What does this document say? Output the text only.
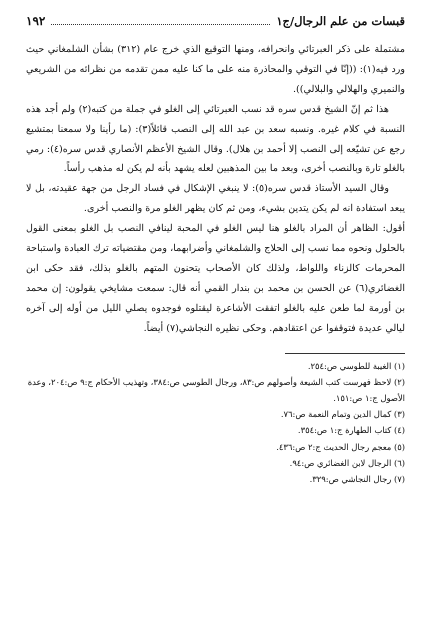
قبسات من علم الرجال/ج١
١٩٢

مشتملة على ذكر العبرتائي وانحرافه، ومنها التوقيع الذي خرج عام (٣١٢) بشأن الشلمغاني حيث ورد فيه(١): ((إنّا في التوقي والمحاذرة منه على ما كنا عليه ممن تقدمه من نظرائه من الشريعي والنميري والهلالي والبلالي)).

هذا ثم إنّ الشيخ قدس سره قد نسب العبرتائي إلى الغلو في جملة من كتبه(٢) ولم أجد هذه النسبة في كلام غيره. ونسبه سعد بن عبد الله إلى النصب قائلاً(٣): (ما رأينا ولا سمعنا بمتشيع رجع عن تشيّعه إلى النصب إلا أحمد بن هلال). وقال الشيخ الأعظم الأنصاري قدس سره(٤): رمي بالغلو تارة وبالنصب أخرى، وبعد ما بين المذهبين لعله يشهد بأنه لم يكن له مذهب رأساً.

وقال السيد الأستاذ قدس سره(٥): لا ينبغي الإشكال في فساد الرجل من جهة عقيدته، بل لا يبعد استفادة انه لم يكن يتدين بشيء، ومن ثم كان يظهر الغلو مرة والنصب أخرى.

أقول: الظاهر أن المراد بالغلو هنا ليس الغلو في المحبة لينافي النصب بل الغلو بمعنى القول بالحلول ونحوه مما نسب إلى الحلاج والشلمغاني وأضرابهما، ومن مقتضياته ترك العبادة واستباحة المحرمات كالزناء واللواط، ولذلك كان الأصحاب يتحنون المتهم بالغلو بذلك، فقد حكى ابن الغضائري(٦) عن الحسن بن محمد بن بندار القمي أنه قال: سمعت مشايخي يقولون: إن محمد بن أورمة لما طعن عليه بالغلو اتفقت الأشاعرة ليقتلوه فوجدوه يصلي الليل من أوله إلى آخره ليالي عديدة فتوقفوا عن اعتقادهم. وحكى نظيره النجاشي(٧) أيضاً.

(١) الغيبة للطوسي ص:٢٥٤.
(٢) لاحظ فهرست كتب الشيعة وأصولهم ص:٨٣، ورجال الطوسي ص:٣٨٤، وتهذيب الأحكام ج:٩ ص:٢٠٤، وعدة الأصول ج:١ ص:١٥١.
(٣) كمال الدين وتمام النعمة ص:٧٦.
(٤) كتاب الطهارة ج:١ ص:٣٥٤.
(٥) معجم رجال الحديث ج:٢ ص:٤٣٦.
(٦) الرجال لابن الغضائري ص:٩٤.
(٧) رجال النجاشي ص:٣٢٩.
